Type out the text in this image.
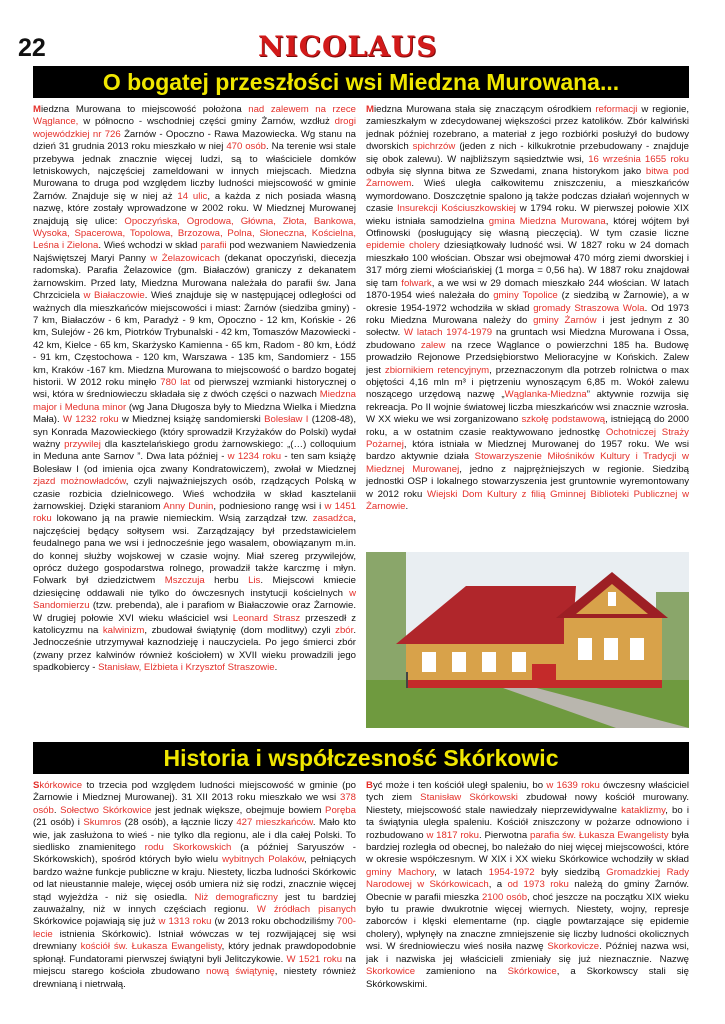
22	NICOLAUS
O bogatej przeszłości wsi Miedzna Murowana...

Miedzna Murowana to miejscowość położona nad zalewem na rzece Wąglance, w północno - wschodniej części gminy Żarnów, wzdłuż drogi wojewódzkiej nr 726 Żarnów - Opoczno - Rawa Mazowiecka. Wg stanu na dzień 31 grudnia 2013 roku mieszkało w niej 470 osób. Na terenie wsi stale przebywa jednak znacznie więcej ludzi, są to właściciele domków letniskowych, najczęściej zameldowani w innych miejscach. Miedzna Murowana to druga pod względem liczby ludności miejscowość w gminie Żarnów. Znajduje się w niej aż 14 ulic, a każda z nich posiada własną nazwę, które zostały wprowadzone w 2002 roku. W Miedznej Murowanej znajdują się ulice: Opoczyńska, Ogrodowa, Główna, Złota, Bankowa, Wysoka, Spacerowa, Topolowa, Brzozowa, Polna, Słoneczna, Kościelna, Leśna i Zielona. Wieś wchodzi w skład parafii pod wezwaniem Nawiedzenia Najświętszej Maryi Panny w Żelazowicach (dekanat opoczyński, diecezja radomska). Parafia Żelazowice (gm. Białaczów) graniczy z dekanatem żarnowskim. Przed laty, Miedzna Murowana należała do parafii św. Jana Chrzciciela w Białaczowie. Wieś znajduje się w następującej odległości od ważnych dla mieszkańców miejscowości i miast: Żarnów (siedziba gminy) - 7 km, Białaczów - 6 km, Paradyż - 9 km, Opoczno - 12 km, Końskie - 26 km, Sulejów - 26 km, Piotrków Trybunalski - 42 km, Tomaszów Mazowiecki - 42 km, Kielce - 65 km, Skarżysko Kamienna - 65 km, Radom - 80 km, Łódź - 91 km, Częstochowa - 120 km, Warszawa - 135 km, Sandomierz - 155 km, Kraków -167 km. Miedzna Murowana to miejscowość o bardzo bogatej historii. W 2012 roku minęło 780 lat od pierwszej wzmianki historycznej o wsi, która w średniowieczu składała się z dwóch części o nazwach Miedzna major i Meduna minor (wg Jana Długosza były to Miedzna Wielka i Miedzna Mała). W 1232 roku w Miedznej książę sandomierski Bolesław I (1208-48), syn Konrada Mazowieckiego (który sprowadził Krzyżaków do Polski) wydał ważny przywilej dla kasztelańskiego grodu żarnowskiego: „(…) colloquium in Meduna ante Sarnov ”. Dwa lata później - w 1234 roku - ten sam książę Bolesław I (od imienia ojca zwany Kondratowiczem), zwołał w Miedznej zjazd możnowładców, czyli najważniejszych osób, rządzących Polską w czasie rozbicia dzielnicowego. Wieś wchodziła w skład kasztelanii żarnowskiej. Dzięki staraniom Anny Dunin, podniesiono rangę wsi i w 1451 roku lokowano ją na prawie niemieckim. Wsią zarządzał tzw. zasadźca, najczęściej będący sołtysem wsi. Zarządzający był przedstawicielem feudalnego pana we wsi i jednocześnie jego wasalem, obowiązanym m.in. do konnej służby wojskowej w czasie wojny. Miał szereg przywilejów, oprócz dużego gospodarstwa rolnego, prowadził także karczmę i młyn. Folwark był dziedzictwem Mszczuja herbu Lis. Miejscowi kmiecie dziesięcinę oddawali nie tylko do ówczesnych instytucji kościelnych w Sandomierzu (tzw. prebenda), ale i parafiom w Białaczowie oraz Żarnowie. W drugiej połowie XVI wieku właściciel wsi Leonard Strasz przeszedł z katolicyzmu na kalwinizm, zbudował świątynię (dom modlitwy) czyli zbór. Jednocześnie utrzymywał kaznodzieję i nauczyciela. Po jego śmierci zbór (zwany przez kalwinów również kościołem) w XVII wieku prowadzili jego spadkobiercy - Stanisław, Elżbieta i Krzysztof Straszowie.

Miedzna Murowana stała się znaczącym ośrodkiem reformacji w regionie, zamieszkałym w zdecydowanej większości przez katolików. Zbór kalwiński jednak później rozebrano, a materiał z jego rozbiórki posłużył do budowy dworskich spichrzów (jeden z nich - kilkukrotnie przebudowany - znajduje się obok zalewu). W najbliższym sąsiedztwie wsi, 16 września 1655 roku odbyła się słynna bitwa ze Szwedami, znana historykom jako bitwa pod Żarnowem. Wieś uległa całkowitemu zniszczeniu, a mieszkańców wymordowano. Doszczętnie spalono ją także podczas działań wojennych w czasie Insurekcji Kościuszkowskiej w 1794 roku. W pierwszej połowie XIX wieku istniała samodzielna gmina Miedzna Murowana, której wójtem był Otfinowski (posługujący się własną pieczęcią). W tym czasie liczne epidemie cholery dziesiątkowały ludność wsi. W 1827 roku w 24 domach mieszkało 100 włościan. Obszar wsi obejmował 470 mórg ziemi dworskiej i 317 mórg ziemi włościańskiej (1 morga = 0,56 ha). W 1887 roku znajdował się tam folwark, a we wsi w 29 domach mieszkało 244 włościan. W latach 1870-1954 wieś należała do gminy Topolice (z siedzibą w Żarnowie), a w okresie 1954-1972 wchodziła w skład gromady Straszowa Wola. Od 1973 roku Miedzna Murowana należy do gminy Żarnów i jest jednym z 30 sołectw. W latach 1974-1979 na gruntach wsi Miedzna Murowana i Ossa, zbudowano zalew na rzece Wąglance o powierzchni 185 ha. Budowę prowadziło Rejonowe Przedsiębiorstwo Melioracyjne w Końskich. Zalew jest zbiornikiem retencyjnym, przeznaczonym dla potrzeb rolnictwa o max objętości 4,16 mln m³ i piętrzeniu wynoszącym 6,85 m. Wokół zalewu noszącego urzędową nazwę „Wąglanka-Miedzna” aktywnie rozwija się rekreacja. Po II wojnie światowej liczba mieszkańców wsi znacznie wzrosła. W XX wieku we wsi zorganizowano szkołę podstawową, istniejącą do 2000 roku, a w ostatnim czasie reaktywowano jednostkę Ochotniczej Straży Pożarnej, która istniała w Miedznej Murowanej do 1957 roku. We wsi bardzo aktywnie działa Stowarzyszenie Miłośników Kultury i Tradycji w Miedznej Murowanej, jedno z najprężniejszych w regionie. Siedzibą jednostki OSP i lokalnego stowarzyszenia jest gruntownie wyremontowany w 2012 roku Wiejski Dom Kultury z filią Gminnej Biblioteki Publicznej w Żarnowie.

Historia i współczesność Skórkowic

Skórkowice to trzecia pod względem ludności miejscowość w gminie (po Żarnowie i Miedznej Murowanej). 31 XII 2013 roku mieszkało we wsi 378 osób. Sołectwo Skórkowice jest jednak większe, obejmuje bowiem Poręba (21 osób) i Skumros (28 osób), a łącznie liczy 427 mieszkańców. Mało kto wie, jak zasłużona to wieś - nie tylko dla regionu, ale i dla całej Polski. To siedlisko znamienitego rodu Skorkowskich (a później Saryuszów - Skórkowskich), spośród których było wielu wybitnych Polaków, pełniących bardzo ważne funkcje publiczne w kraju. Niestety, liczba ludności Skórkowic od lat nieustannie maleje, więcej osób umiera niż się rodzi, znacznie więcej stąd wyjeżdża - niż się osiedla. Niż demograficzny jest tu bardziej zauważalny, niż w innych częściach regionu. W źródłach pisanych Skórkowice pojawiają się już w 1313 roku (w 2013 roku obchodziliśmy 700-lecie istnienia Skórkowic). Istniał wówczas w tej rozwijającej się wsi drewniany kościół św. Łukasza Ewangelisty, który jednak prawdopodobnie spłonął. Fundatorami pierwszej świątyni byli Jelitczykowie. W 1521 roku na miejscu starego kościoła zbudowano nową świątynię, niestety również drewnianą i nietrwałą.

Być może i ten kościół uległ spaleniu, bo w 1639 roku ówczesny właściciel tych ziem Stanisław Skórkowski zbudował nowy kościół murowany. Niestety, miejscowość stale nawiedzały nieprzewidywalne kataklizmy, bo i ta świątynia uległa spaleniu. Kościół zniszczony w pożarze odnowiono i rozbudowano w 1817 roku. Pierwotna parafia św. Łukasza Ewangelisty była bardziej rozległa od obecnej, bo należało do niej więcej miejscowości, które w okresie współczesnym. W XIX i XX wieku Skórkowice wchodziły w skład gminy Machory, w latach 1954-1972 były siedzibą Gromadzkiej Rady Narodowej w Skórkowicach, a od 1973 roku należą do gminy Żarnów. Obecnie w parafii mieszka 2100 osób, choć jeszcze na początku XIX wieku było tu prawie dwukrotnie więcej wiernych. Niestety, wojny, represje zaborców i klęski elementarne (np. ciągle powtarzające się epidemie cholery), wpłynęły na znaczne zmniejszenie się liczby ludności okolicznych wsi. W średniowieczu wieś nosiła nazwę Skorkovicze. Później nazwa wsi, jak i nazwiska jej właścicieli zmieniały się już nieznacznie. Nazwę Skorkowice zamieniono na Skórkowice, a Skorkowscy stali się Skórkowskimi.
